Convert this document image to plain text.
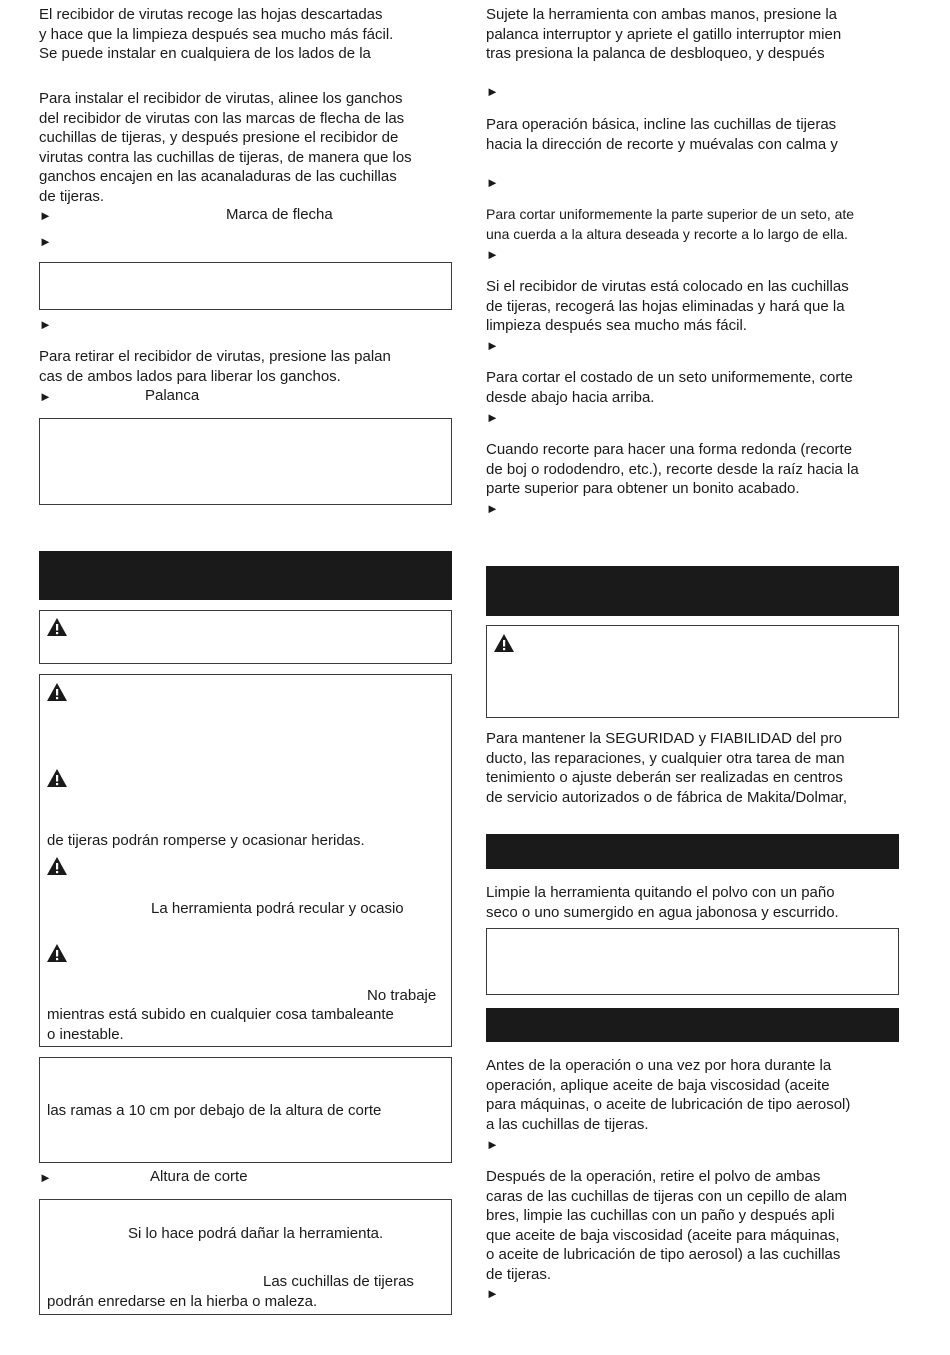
El recibidor de virutas recoge las hojas descartadas
y hace que la limpieza después sea mucho más fácil.
Se puede instalar en cualquiera de los lados de la
Para instalar el recibidor de virutas, alinee los ganchos
del recibidor de virutas con las marcas de flecha de las
cuchillas de tijeras, y después presione el recibidor de
virutas contra las cuchillas de tijeras, de manera que los
ganchos encajen en las acanaladuras de las cuchillas
de tijeras.
►	Marca de flecha
►
►
Para retirar el recibidor de virutas, presione las palan
cas de ambos lados para liberar los ganchos.
►	Palanca
de tijeras podrán romperse y ocasionar heridas.
La herramienta podrá recular y ocasio
No trabaje
mientras está subido en cualquier cosa tambaleante
o inestable.
las ramas a 10 cm por debajo de la altura de corte
►	Altura de corte
Si lo hace podrá dañar la herramienta.
Las cuchillas de tijeras
podrán enredarse en la hierba o maleza.
Sujete la herramienta con ambas manos, presione la
palanca interruptor y apriete el gatillo interruptor mien
tras presiona la palanca de desbloqueo, y después
►
Para operación básica, incline las cuchillas de tijeras
hacia la dirección de recorte y muévalas con calma y
►
Para cortar uniformemente la parte superior de un seto, ate
una cuerda a la altura deseada y recorte a lo largo de ella.
►
Si el recibidor de virutas está colocado en las cuchillas
de tijeras, recogerá las hojas eliminadas y hará que la
limpieza después sea mucho más fácil.
►
Para cortar el costado de un seto uniformemente, corte
desde abajo hacia arriba.
►
Cuando recorte para hacer una forma redonda (recorte
de boj o rododendro, etc.), recorte desde la raíz hacia la
parte superior para obtener un bonito acabado.
►
Para mantener la SEGURIDAD y FIABILIDAD del pro
ducto, las reparaciones, y cualquier otra tarea de man
tenimiento o ajuste deberán ser realizadas en centros
de servicio autorizados o de fábrica de Makita/Dolmar,
Limpie la herramienta quitando el polvo con un paño
seco o uno sumergido en agua jabonosa y escurrido.
Antes de la operación o una vez por hora durante la
operación, aplique aceite de baja viscosidad (aceite
para máquinas, o aceite de lubricación de tipo aerosol)
a las cuchillas de tijeras.
►
Después de la operación, retire el polvo de ambas
caras de las cuchillas de tijeras con un cepillo de alam
bres, limpie las cuchillas con un paño y después apli
que aceite de baja viscosidad (aceite para máquinas,
o aceite de lubricación de tipo aerosol) a las cuchillas
de tijeras.
►
